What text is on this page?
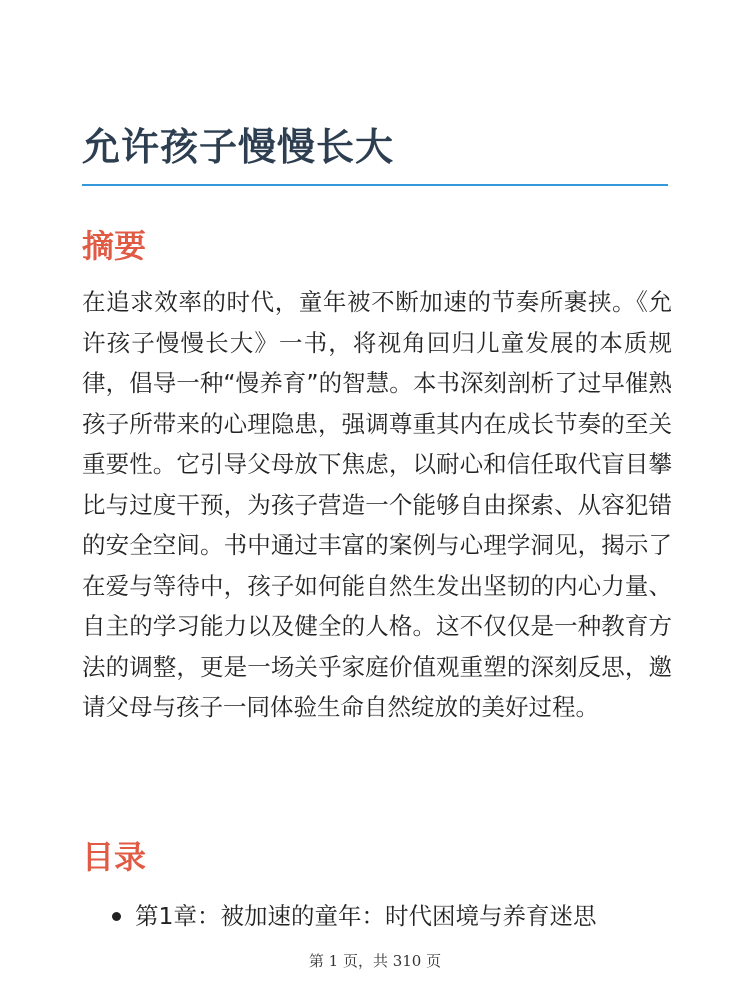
允许孩子慢慢长大
摘要

在追求效率的时代，童年被不断加速的节奏所裹挟。《允许孩子慢慢长大》一书，将视角回归儿童发展的本质规律，倡导一种“慢养育”的智慧。本书深刻剖析了过早催熟孩子所带来的心理隐患，强调尊重其内在成长节奏的至关重要性。它引导父母放下焦虑，以耐心和信任取代盲目攀比与过度干预，为孩子营造一个能够自由探索、从容犯错的安全空间。书中通过丰富的案例与心理学洞见，揭示了在爱与等待中，孩子如何能自然生发出坚韧的内心力量、自主的学习能力以及健全的人格。这不仅仅是一种教育方法的调整，更是一场关乎家庭价值观重塑的深刻反思，邀请父母与孩子一同体验生命自然绽放的美好过程。

目录
第1章：被加速的童年：时代困境与养育迷思
第 1 页，共 310 页
